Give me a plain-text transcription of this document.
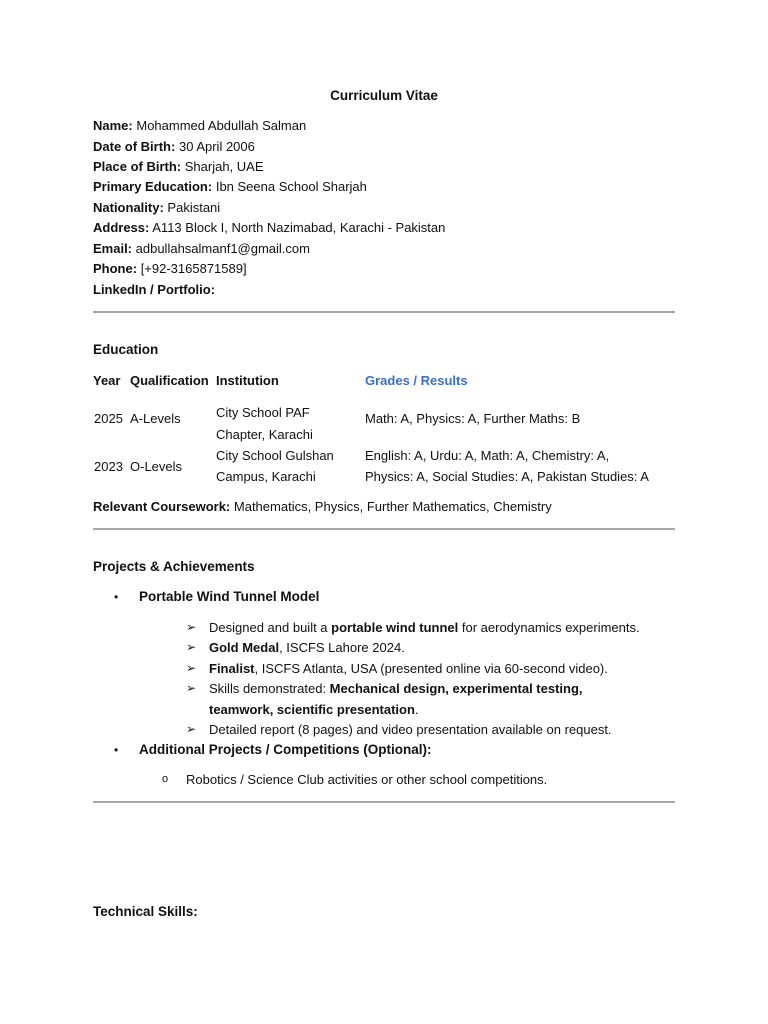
Curriculum Vitae
Name: Mohammed Abdullah Salman
Date of Birth: 30 April 2006
Place of Birth: Sharjah, UAE
Primary Education: Ibn Seena School Sharjah
Nationality: Pakistani
Address: A113 Block I, North Nazimabad, Karachi - Pakistan
Email: adbullahsalmanf1@gmail.com
Phone: [+92-3165871589]
LinkedIn / Portfolio:
Education
Year Qualification Institution	Grades / Results
2025 A-Levels	City School PAF
Chapter, Karachi
Math: A, Physics: A, Further Maths: B
2023 O-Levels
City School Gulshan
Campus, Karachi
English: A, Urdu: A, Math: A, Chemistry: A,
Physics: A, Social Studies: A, Pakistan Studies: A
Relevant Coursework: Mathematics, Physics, Further Mathematics, Chemistry
Projects & Achievements
• Portable Wind Tunnel Model
➢ Designed and built a portable wind tunnel for aerodynamics experiments.
➢ Gold Medal, ISCFS Lahore 2024.
➢ Finalist, ISCFS Atlanta, USA (presented online via 60-second video).
➢ Skills demonstrated: Mechanical design, experimental testing,
teamwork, scientific presentation.
➢ Detailed report (8 pages) and video presentation available on request.
• Additional Projects / Competitions (Optional):
o Robotics / Science Club activities or other school competitions.
Technical Skills:
